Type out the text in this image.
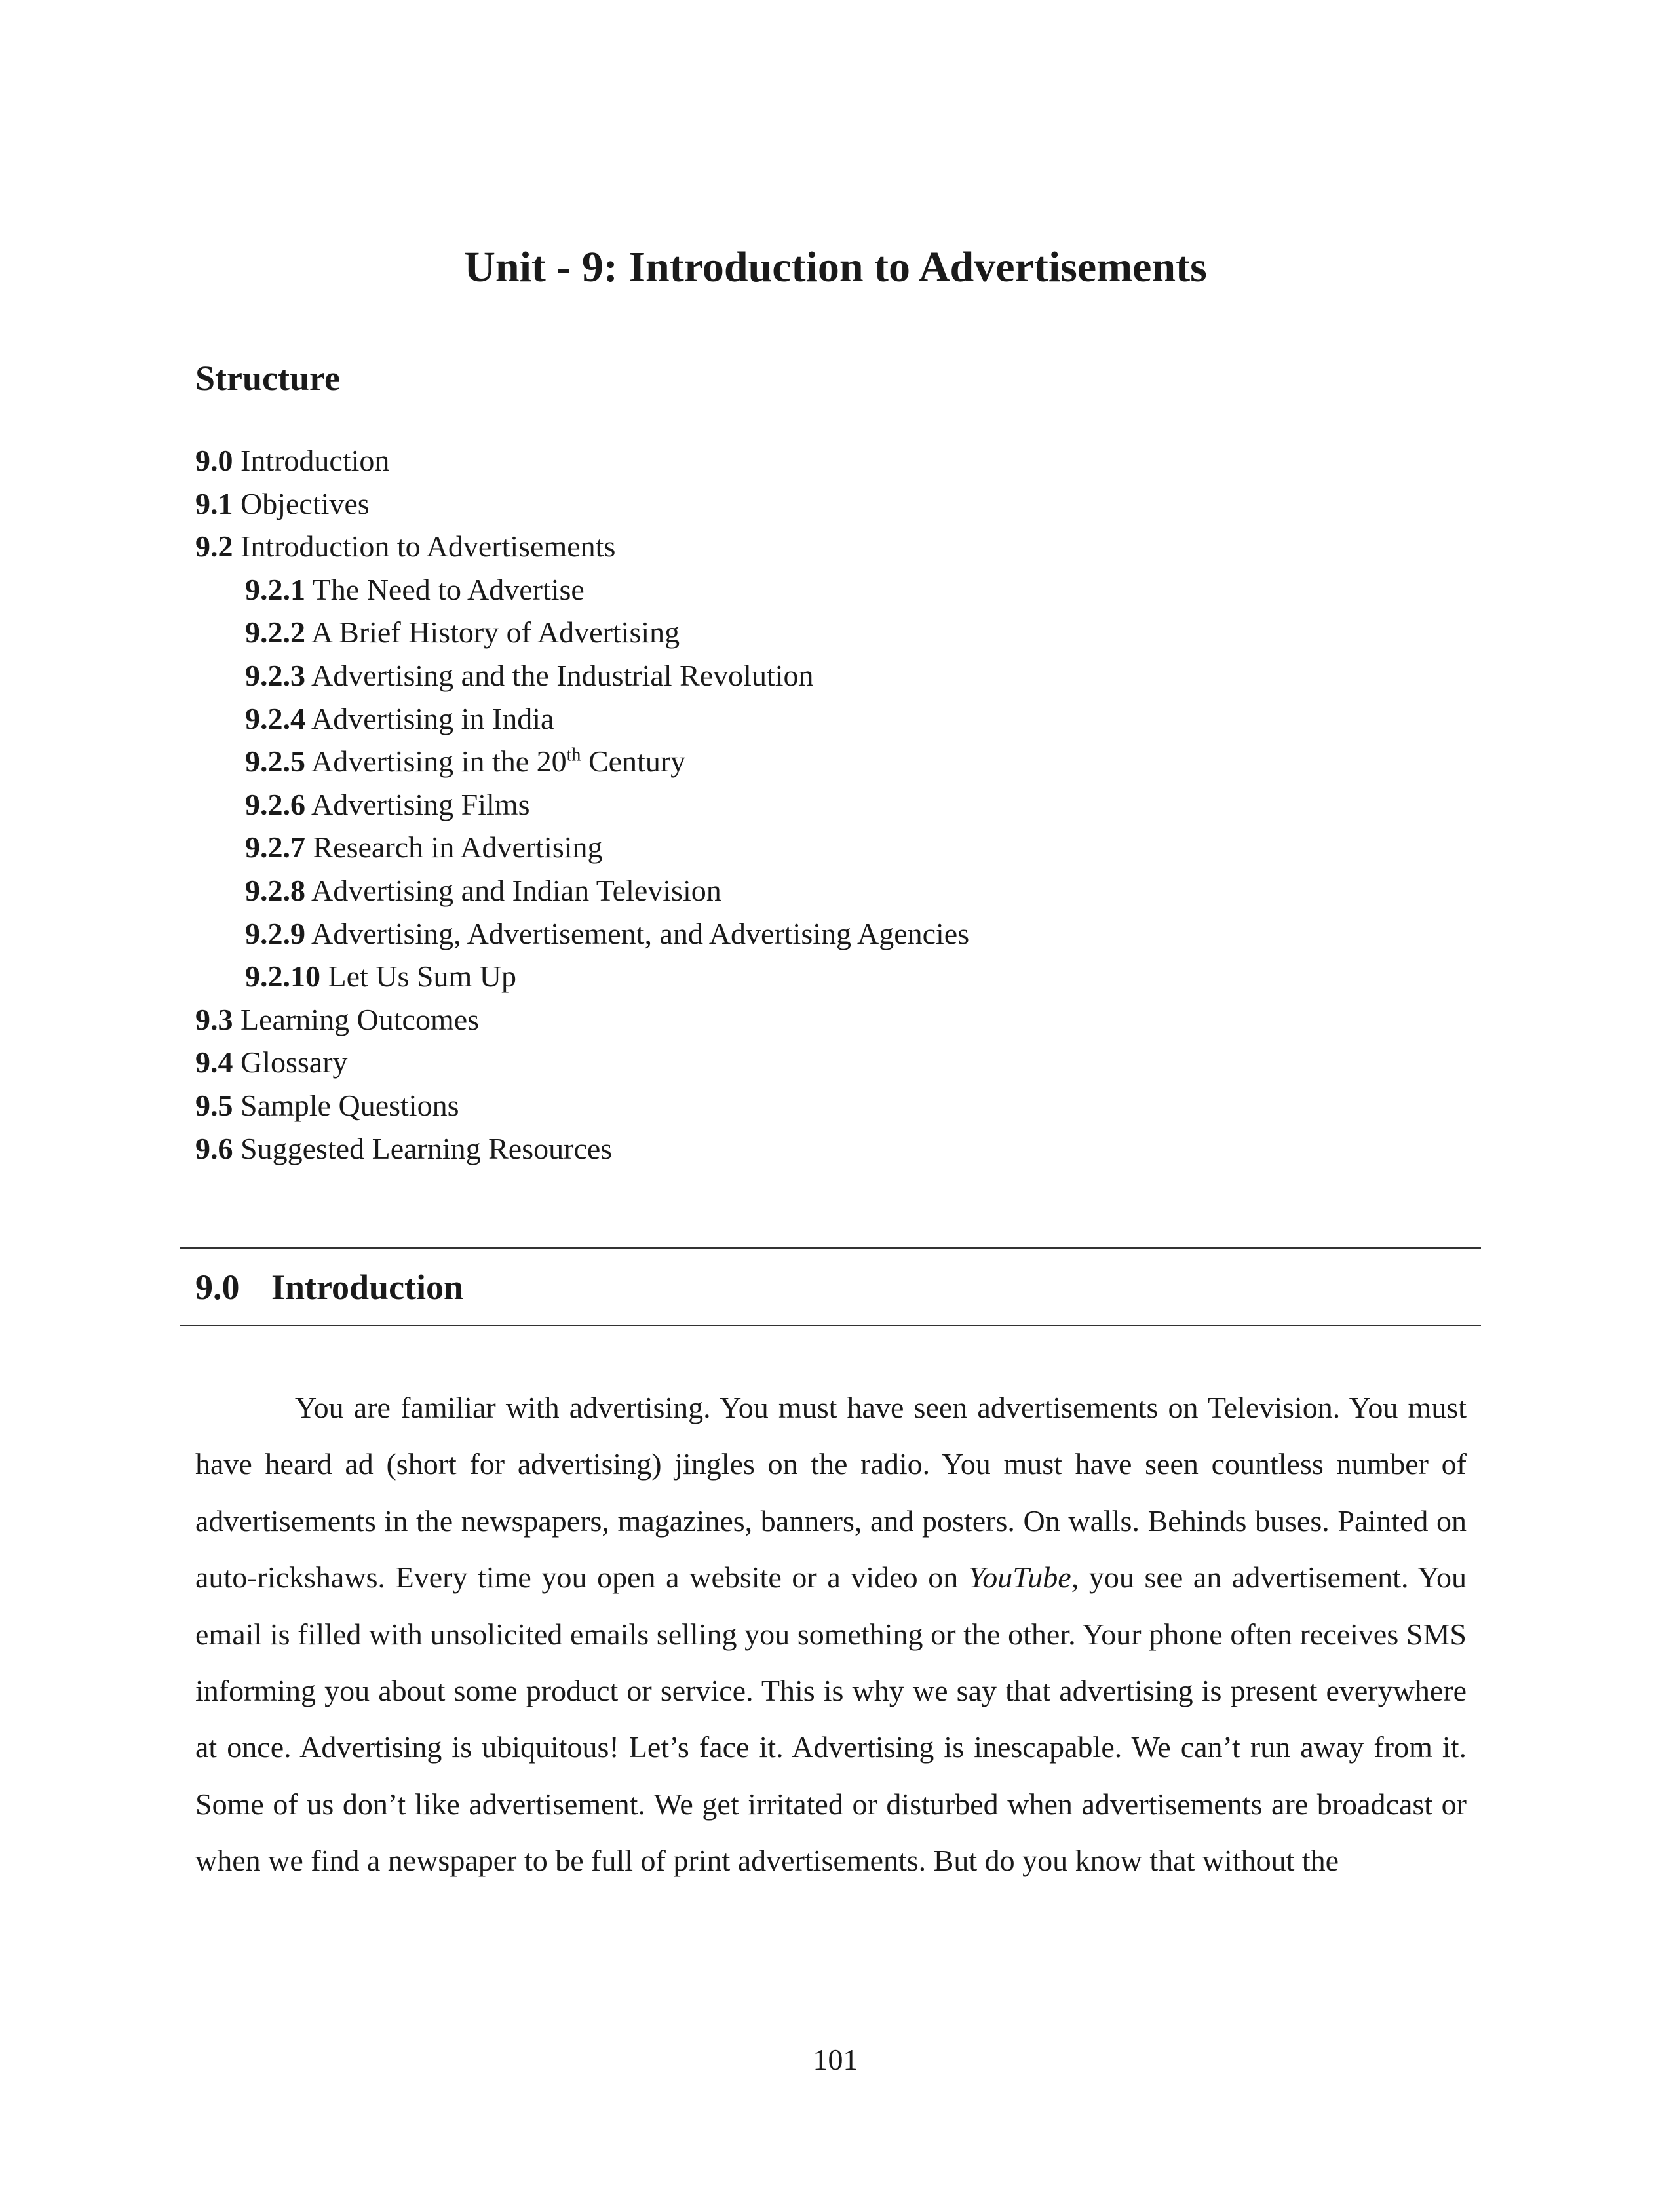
Unit - 9: Introduction to Advertisements
Structure
9.0 Introduction
9.1 Objectives
9.2 Introduction to Advertisements
9.2.1 The Need to Advertise
9.2.2 A Brief History of Advertising
9.2.3 Advertising and the Industrial Revolution
9.2.4 Advertising in India
9.2.5 Advertising in the 20th Century
9.2.6 Advertising Films
9.2.7 Research in Advertising
9.2.8 Advertising and Indian Television
9.2.9 Advertising, Advertisement, and Advertising Agencies
9.2.10 Let Us Sum Up
9.3 Learning Outcomes
9.4 Glossary
9.5 Sample Questions
9.6 Suggested Learning Resources
9.0 Introduction

You are familiar with advertising. You must have seen advertisements on Television. You must have heard ad (short for advertising) jingles on the radio. You must have seen countless number of advertisements in the newspapers, magazines, banners, and posters. On walls. Behinds buses. Painted on auto-rickshaws. Every time you open a website or a video on YouTube, you see an advertisement. You email is filled with unsolicited emails selling you something or the other. Your phone often receives SMS informing you about some product or service. This is why we say that advertising is present everywhere at once. Advertising is ubiquitous! Let’s face it. Advertising is inescapable. We can’t run away from it. Some of us don’t like advertisement. We get irritated or disturbed when advertisements are broadcast or when we find a newspaper to be full of print advertisements. But do you know that without the

101
